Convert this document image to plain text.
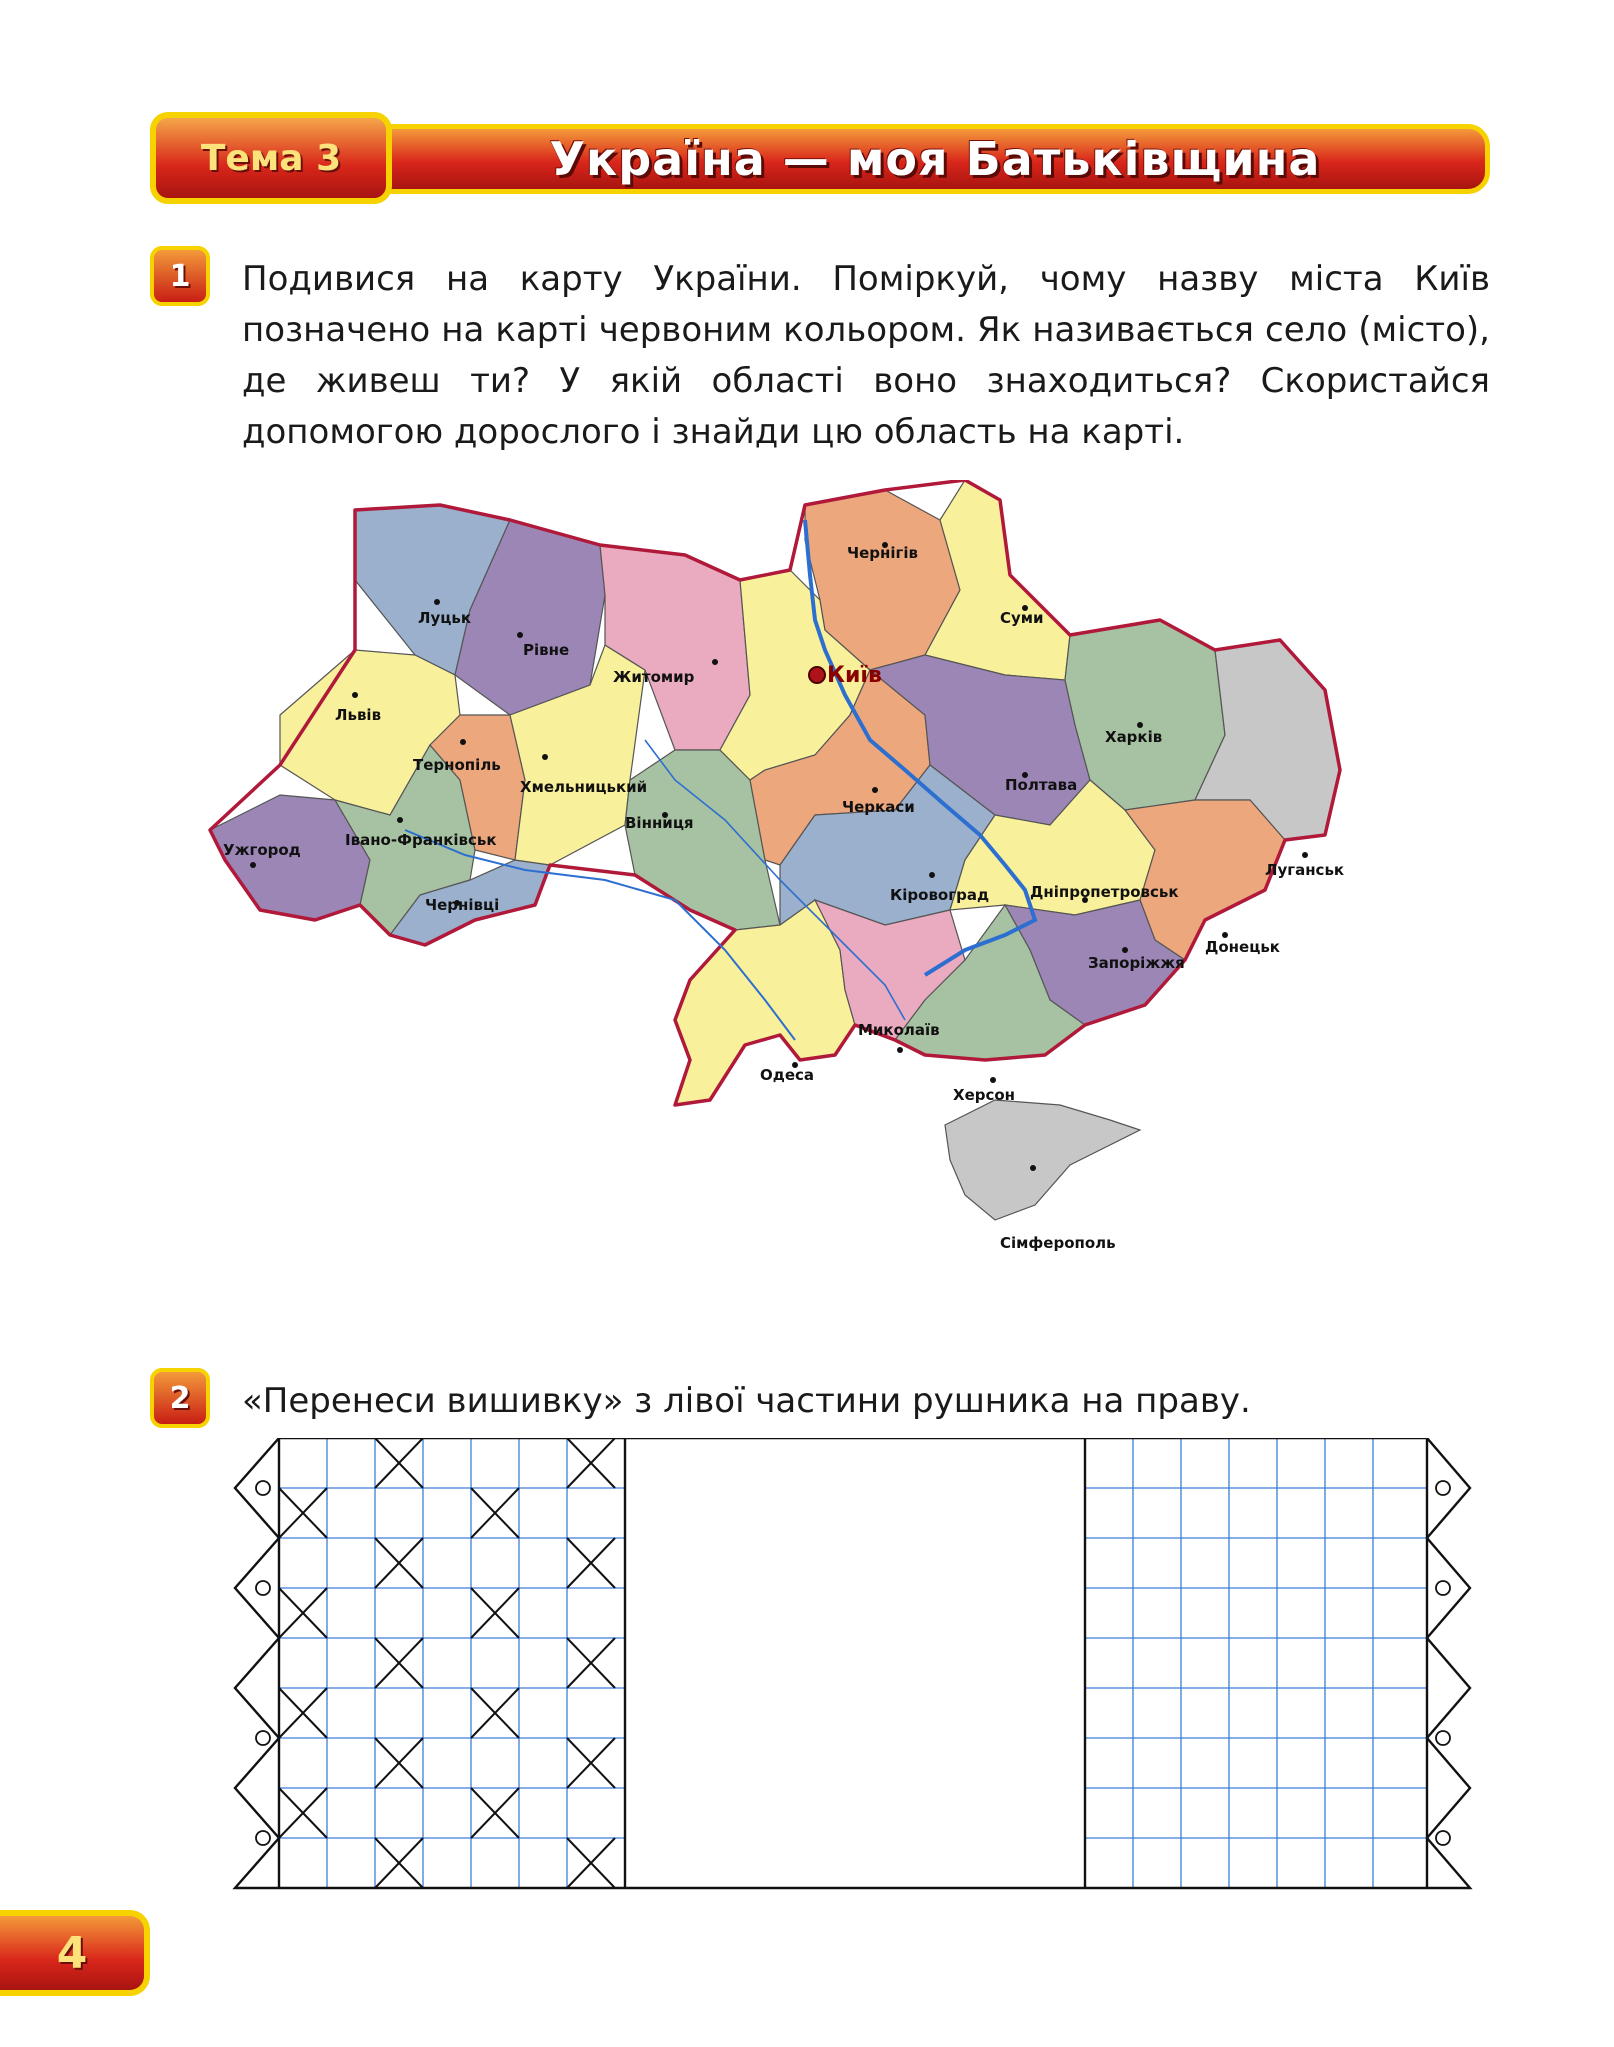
Україна — моя Батьківщина
Тема 3
1	Подивися на карту України. Поміркуй, чому назву міста Київ позначено на карті червоним кольором. Як називається село (місто), де живеш ти? У якій області воно знаходиться? Скористайся допомогою дорослого і знайди цю область на карті.
Луцьк
Рівне
Житомир
Чернігів
Суми
Львів
Тернопіль
Хмельницький
Вінниця
Черкаси
Полтава
Харків
Луганськ
Івано-Франківськ
Ужгород
Чернівці
Кіровоград	Дніпропетровськ
Донецьк
Запоріжжя
Миколаїв
Одеса
Херсон
Сімферополь
Київ
2	«Перенеси вишивку» з лівої частини рушника на праву.
4
